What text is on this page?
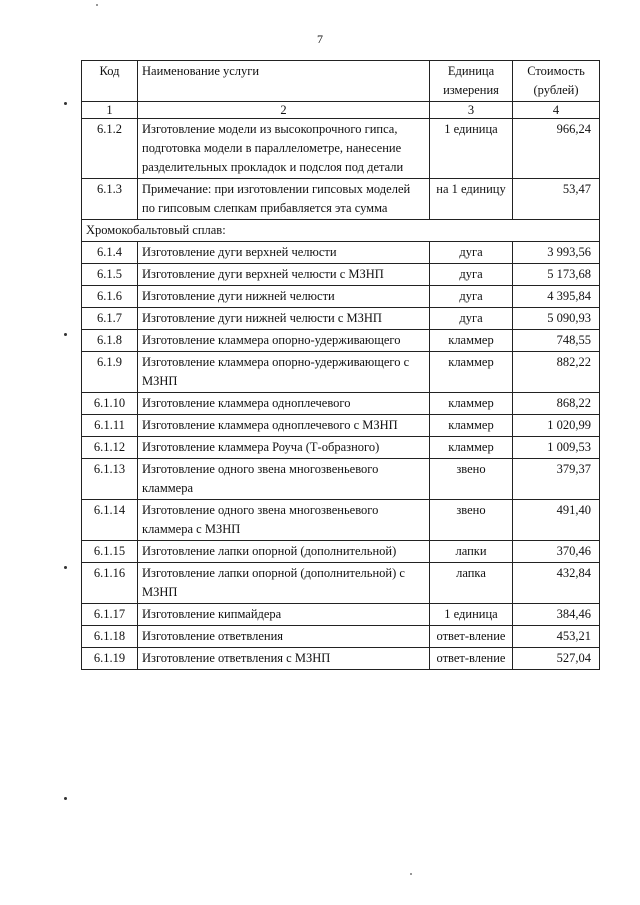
7
Код	Наименование услуги	Единица измерения	Стоимость (рублей)
1	2	3	4
6.1.2	Изготовление модели из высокопрочного гипса, подготовка модели в параллелометре, нанесение разделительных прокладок и подслоя под детали	1 единица	966,24
6.1.3	Примечание: при изготовлении гипсовых моделей по гипсовым слепкам прибавляется эта сумма	на 1 единицу	53,47
Хромокобальтовый сплав:			
6.1.4	Изготовление дуги верхней челюсти	дуга	3 993,56
6.1.5	Изготовление дуги верхней челюсти с МЗНП	дуга	5 173,68
6.1.6	Изготовление дуги нижней челюсти	дуга	4 395,84
6.1.7	Изготовление дуги нижней челюсти с МЗНП	дуга	5 090,93
6.1.8	Изготовление кламмера опорно-удерживающего	кламмер	748,55
6.1.9	Изготовление кламмера опорно-удерживающего с МЗНП	кламмер	882,22
6.1.10	Изготовление кламмера одноплечевого	кламмер	868,22
6.1.11	Изготовление кламмера одноплечевого с МЗНП	кламмер	1 020,99
6.1.12	Изготовление кламмера Роуча (Т-образного)	кламмер	1 009,53
6.1.13	Изготовление одного звена многозвеньевого кламмера	звено	379,37
6.1.14	Изготовление одного звена многозвеньевого кламмера с МЗНП	звено	491,40
6.1.15	Изготовление лапки опорной (дополнительной)	лапки	370,46
6.1.16	Изготовление лапки опорной (дополнительной) с МЗНП	лапка	432,84
6.1.17	Изготовление кипмайдера	1 единица	384,46
6.1.18	Изготовление ответвления	ответ-вление	453,21
6.1.19	Изготовление ответвления с МЗНП	ответ-вление	527,04
